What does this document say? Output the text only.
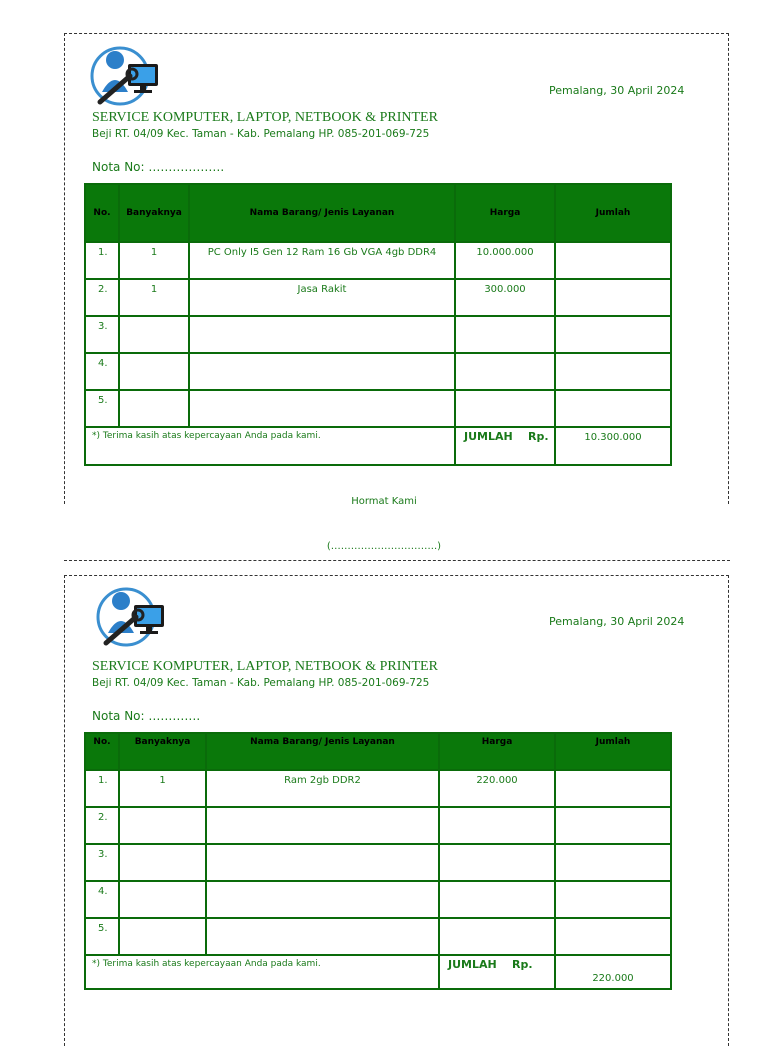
Pemalang, 30 April 2024
SERVICE KOMPUTER, LAPTOP, NETBOOK & PRINTER
Beji RT. 04/09 Kec. Taman - Kab. Pemalang HP. 085-201-069-725
Nota No: ……………….
No.	Banyaknya	Nama Barang/ Jenis Layanan	Harga	Jumlah
1.	1	PC Only I5 Gen 12 Ram 16 Gb VGA 4gb DDR4	10.000.000	
2.	1	Jasa Rakit	300.000	
3.				
4.				
5.				
*) Terima kasih atas kepercayaan Anda pada kami.			JUMLAH    Rp.	10.300.000
Hormat Kami
(…………………………..)
Pemalang, 30 April 2024
SERVICE KOMPUTER, LAPTOP, NETBOOK & PRINTER
Beji RT. 04/09 Kec. Taman - Kab. Pemalang HP. 085-201-069-725
Nota No: ………….
No.	Banyaknya	Nama Barang/ Jenis Layanan	Harga	Jumlah
1.	1	Ram 2gb DDR2	220.000	
2.				
3.				
4.				
5.				
*) Terima kasih atas kepercayaan Anda pada kami.			JUMLAH    Rp.	220.000
